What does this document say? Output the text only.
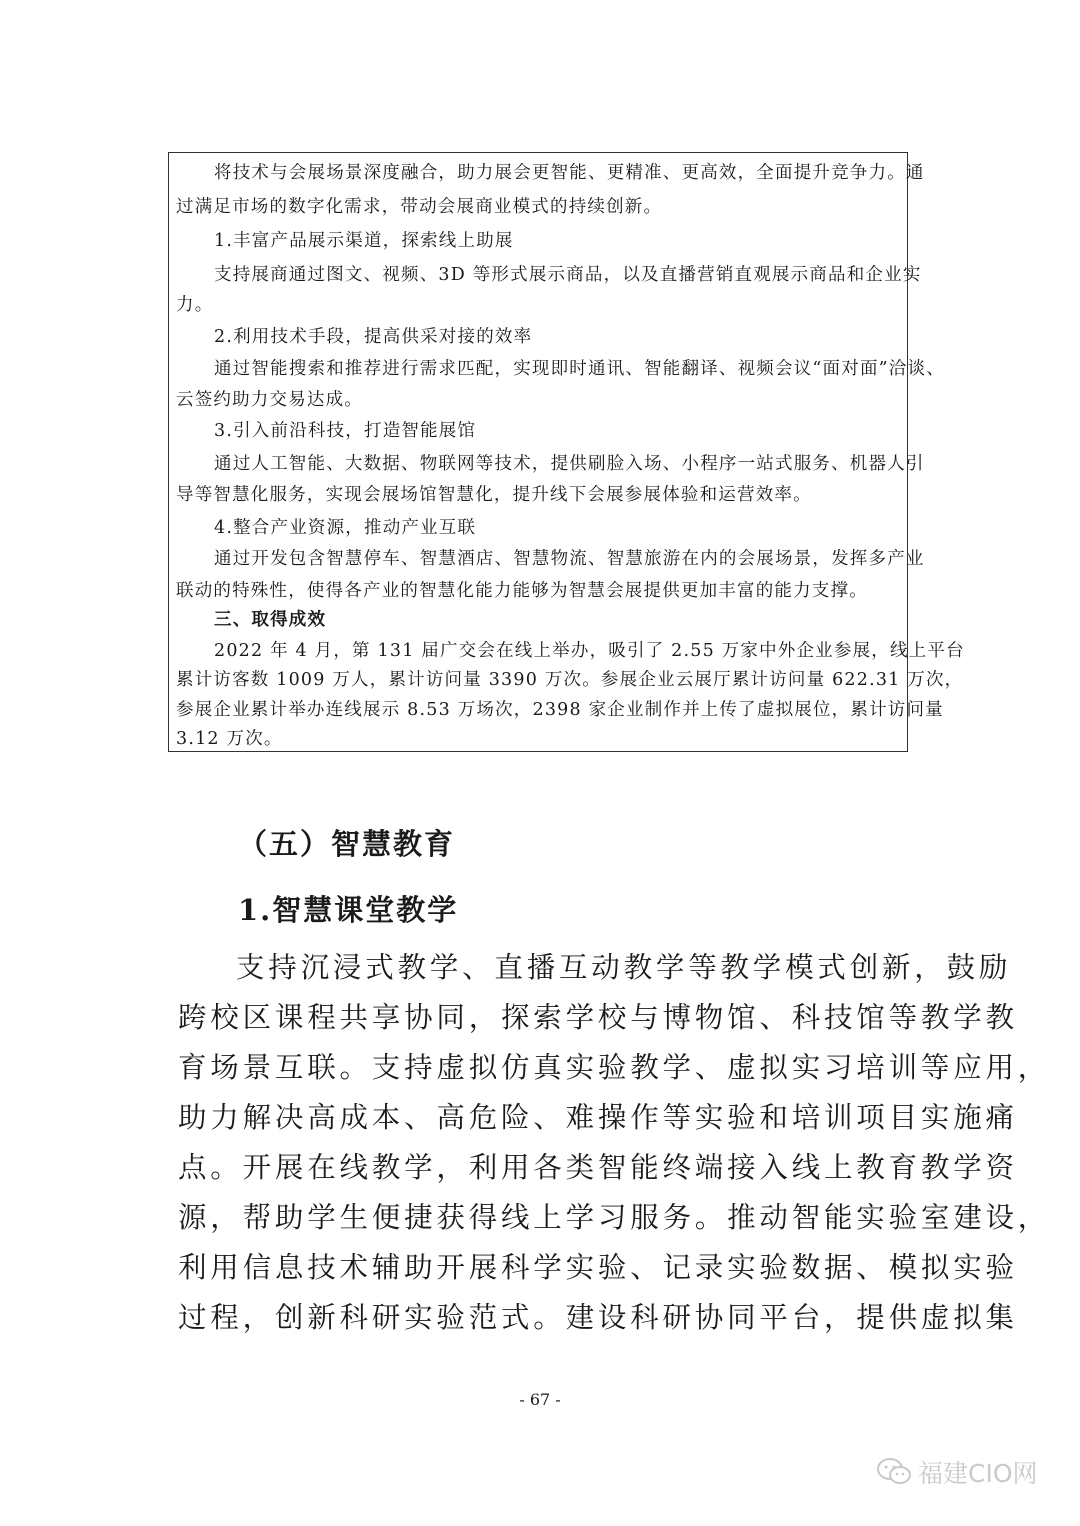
将技术与会展场景深度融合，助力展会更智能、更精准、更高效，全面提升竞争力。通
过满足市场的数字化需求，带动会展商业模式的持续创新。
1.丰富产品展示渠道，探索线上助展
支持展商通过图文、视频、3D 等形式展示商品，以及直播营销直观展示商品和企业实
力。
2.利用技术手段，提高供采对接的效率
通过智能搜索和推荐进行需求匹配，实现即时通讯、智能翻译、视频会议“面对面”洽谈、
云签约助力交易达成。
3.引入前沿科技，打造智能展馆
通过人工智能、大数据、物联网等技术，提供刷脸入场、小程序一站式服务、机器人引
导等智慧化服务，实现会展场馆智慧化，提升线下会展参展体验和运营效率。
4.整合产业资源，推动产业互联
通过开发包含智慧停车、智慧酒店、智慧物流、智慧旅游在内的会展场景，发挥多产业
联动的特殊性，使得各产业的智慧化能力能够为智慧会展提供更加丰富的能力支撑。
三、取得成效
2022 年 4 月，第 131 届广交会在线上举办，吸引了 2.55 万家中外企业参展，线上平台
累计访客数 1009 万人，累计访问量 3390 万次。参展企业云展厅累计访问量 622.31 万次，
参展企业累计举办连线展示 8.53 万场次，2398 家企业制作并上传了虚拟展位，累计访问量
3.12 万次。
（五）智慧教育
1.智慧课堂教学
支持沉浸式教学、直播互动教学等教学模式创新，鼓励
跨校区课程共享协同，探索学校与博物馆、科技馆等教学教
育场景互联。支持虚拟仿真实验教学、虚拟实习培训等应用，
助力解决高成本、高危险、难操作等实验和培训项目实施痛
点。开展在线教学，利用各类智能终端接入线上教育教学资
源，帮助学生便捷获得线上学习服务。推动智能实验室建设，
利用信息技术辅助开展科学实验、记录实验数据、模拟实验
过程，创新科研实验范式。建设科研协同平台，提供虚拟集
- 67 -
福建CIO网
